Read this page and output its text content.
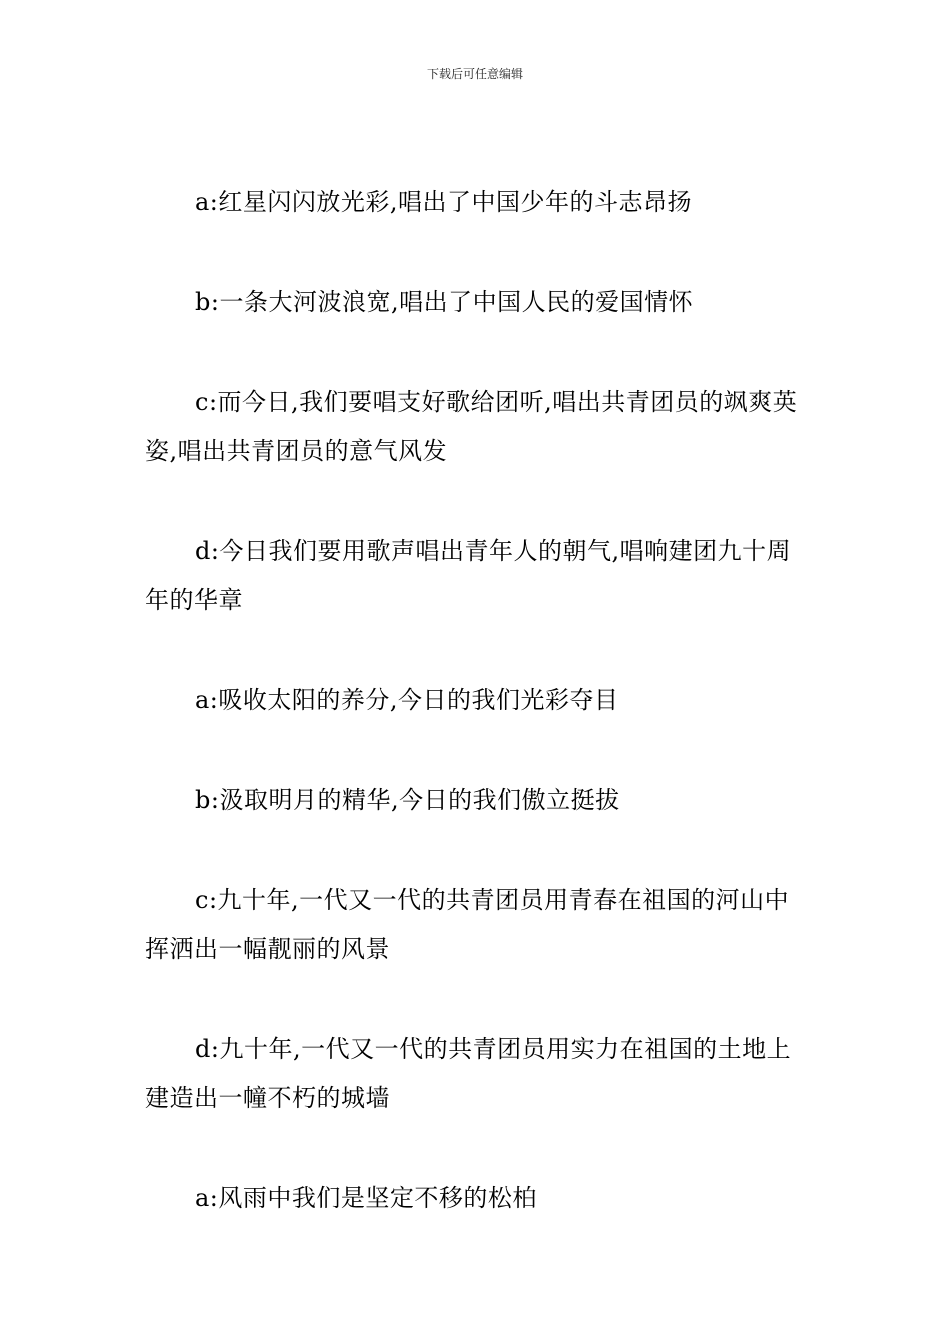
下载后可任意编辑

a:红星闪闪放光彩,唱出了中国少年的斗志昂扬

b:一条大河波浪宽,唱出了中国人民的爱国情怀

c:而今日,我们要唱支好歌给团听,唱出共青团员的飒爽英姿,唱出共青团员的意气风发

d:今日我们要用歌声唱出青年人的朝气,唱响建团九十周年的华章

a:吸收太阳的养分,今日的我们光彩夺目

b:汲取明月的精华,今日的我们傲立挺拔

c:九十年,一代又一代的共青团员用青春在祖国的河山中挥洒出一幅靓丽的风景

d:九十年,一代又一代的共青团员用实力在祖国的土地上建造出一幢不朽的城墙

a:风雨中我们是坚定不移的松柏
